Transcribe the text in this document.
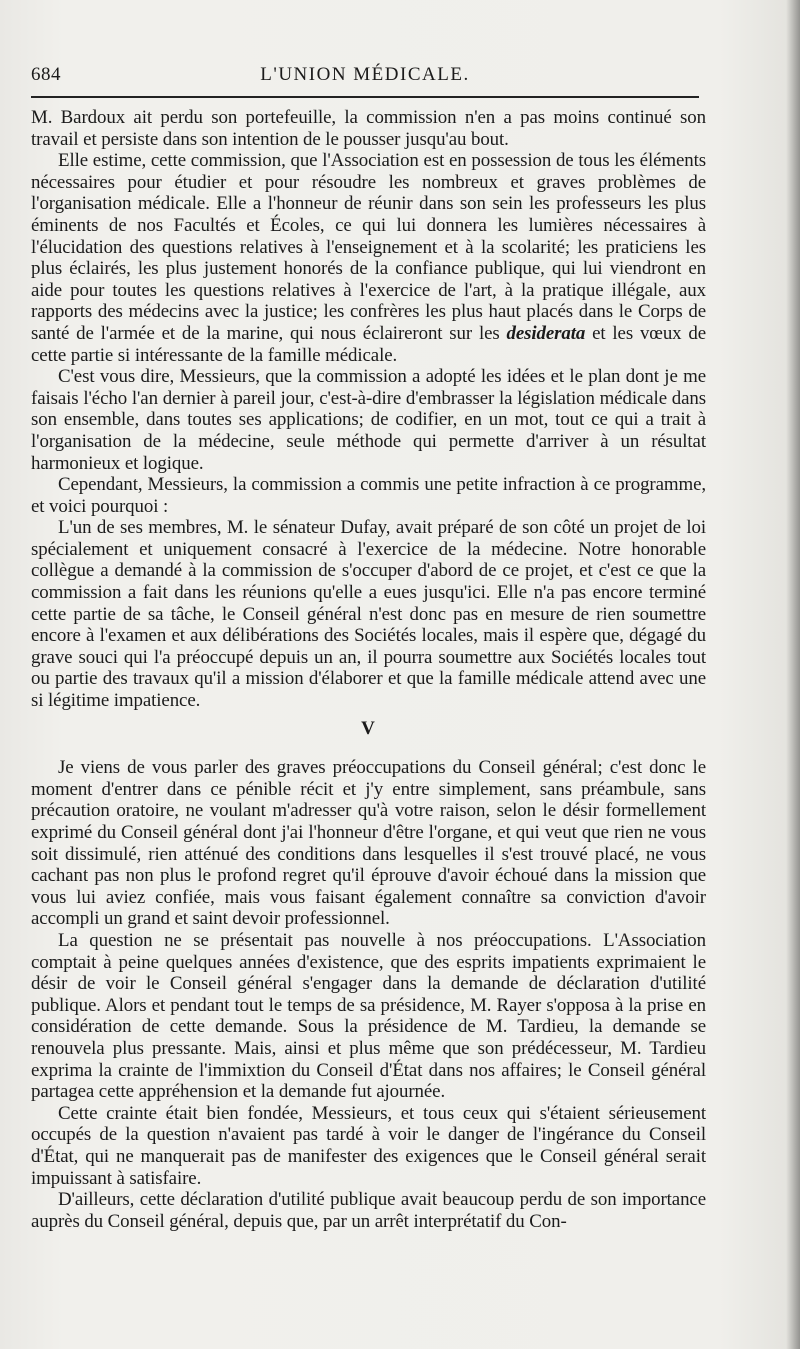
684	L'UNION MÉDICALE.

M. Bardoux ait perdu son portefeuille, la commission n'en a pas moins continué son travail et persiste dans son intention de le pousser jusqu'au bout.

Elle estime, cette commission, que l'Association est en possession de tous les éléments nécessaires pour étudier et pour résoudre les nombreux et graves problèmes de l'organisation médicale. Elle a l'honneur de réunir dans son sein les professeurs les plus éminents de nos Facultés et Écoles, ce qui lui donnera les lumières nécessaires à l'élucidation des questions relatives à l'enseignement et à la scolarité; les praticiens les plus éclairés, les plus justement honorés de la confiance publique, qui lui viendront en aide pour toutes les questions relatives à l'exercice de l'art, à la pratique illégale, aux rapports des médecins avec la justice; les confrères les plus haut placés dans le Corps de santé de l'armée et de la marine, qui nous éclaireront sur les desiderata et les vœux de cette partie si intéressante de la famille médicale.

C'est vous dire, Messieurs, que la commission a adopté les idées et le plan dont je me faisais l'écho l'an dernier à pareil jour, c'est-à-dire d'embrasser la législation médicale dans son ensemble, dans toutes ses applications; de codifier, en un mot, tout ce qui a trait à l'organisation de la médecine, seule méthode qui permette d'arriver à un résultat harmonieux et logique.

Cependant, Messieurs, la commission a commis une petite infraction à ce programme, et voici pourquoi :

L'un de ses membres, M. le sénateur Dufay, avait préparé de son côté un projet de loi spécialement et uniquement consacré à l'exercice de la médecine. Notre honorable collègue a demandé à la commission de s'occuper d'abord de ce projet, et c'est ce que la commission a fait dans les réunions qu'elle a eues jusqu'ici. Elle n'a pas encore terminé cette partie de sa tâche, le Conseil général n'est donc pas en mesure de rien soumettre encore à l'examen et aux délibérations des Sociétés locales, mais il espère que, dégagé du grave souci qui l'a préoccupé depuis un an, il pourra soumettre aux Sociétés locales tout ou partie des travaux qu'il a mission d'élaborer et que la famille médicale attend avec une si légitime impatience.

V

Je viens de vous parler des graves préoccupations du Conseil général; c'est donc le moment d'entrer dans ce pénible récit et j'y entre simplement, sans préambule, sans précaution oratoire, ne voulant m'adresser qu'à votre raison, selon le désir formellement exprimé du Conseil général dont j'ai l'honneur d'être l'organe, et qui veut que rien ne vous soit dissimulé, rien atténué des conditions dans lesquelles il s'est trouvé placé, ne vous cachant pas non plus le profond regret qu'il éprouve d'avoir échoué dans la mission que vous lui aviez confiée, mais vous faisant également connaître sa conviction d'avoir accompli un grand et saint devoir professionnel.

La question ne se présentait pas nouvelle à nos préoccupations. L'Association comptait à peine quelques années d'existence, que des esprits impatients exprimaient le désir de voir le Conseil général s'engager dans la demande de déclaration d'utilité publique. Alors et pendant tout le temps de sa présidence, M. Rayer s'opposa à la prise en considération de cette demande. Sous la présidence de M. Tardieu, la demande se renouvela plus pressante. Mais, ainsi et plus même que son prédécesseur, M. Tardieu exprima la crainte de l'immixtion du Conseil d'État dans nos affaires; le Conseil général partagea cette appréhension et la demande fut ajournée.

Cette crainte était bien fondée, Messieurs, et tous ceux qui s'étaient sérieusement occupés de la question n'avaient pas tardé à voir le danger de l'ingérance du Conseil d'État, qui ne manquerait pas de manifester des exigences que le Conseil général serait impuissant à satisfaire.

D'ailleurs, cette déclaration d'utilité publique avait beaucoup perdu de son importance auprès du Conseil général, depuis que, par un arrêt interprétatif du Con-
